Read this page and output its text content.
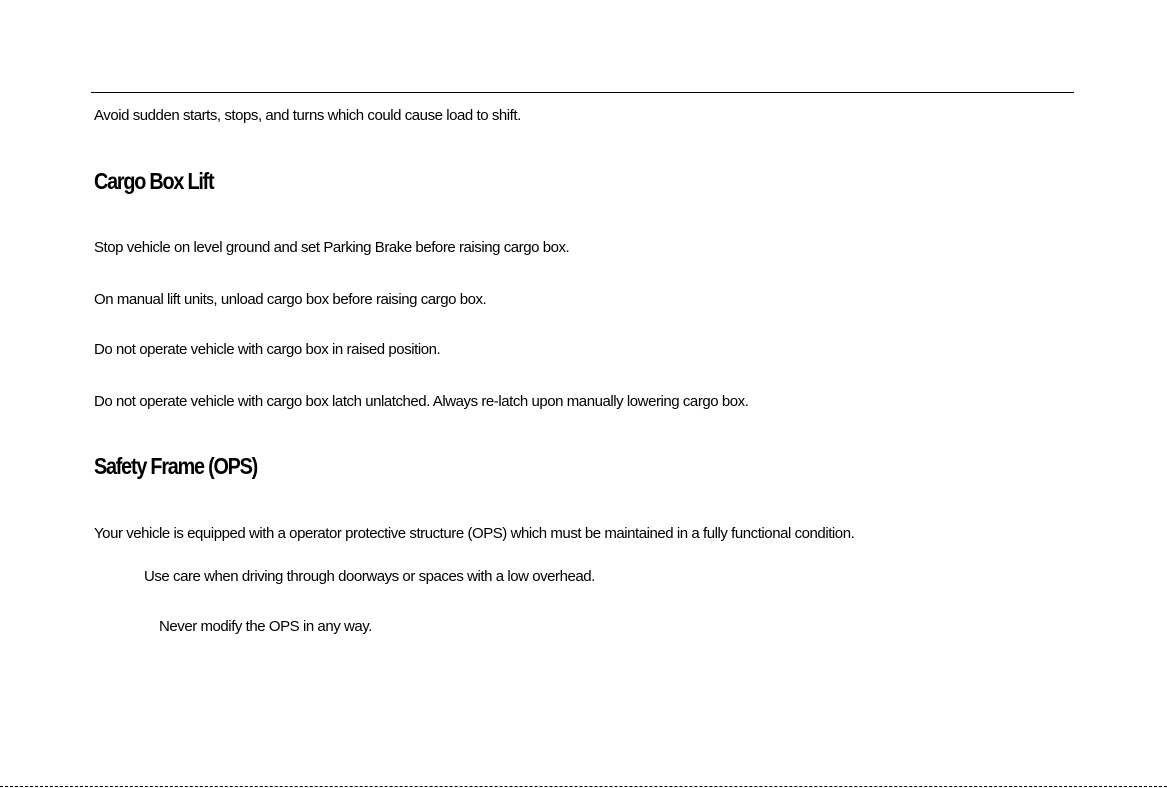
Avoid sudden starts, stops, and turns which could cause load to shift.

Cargo Box Lift

Stop vehicle on level ground and set Parking Brake before raising cargo box.

On manual lift units, unload cargo box before raising cargo box.

Do not operate vehicle with cargo box in raised position.

Do not operate vehicle with cargo box latch unlatched. Always re-latch upon manually lowering cargo box.

Safety Frame (OPS)

Your vehicle is equipped with a operator protective structure (OPS) which must be maintained in a fully functional condition.

Use care when driving through doorways or spaces with a low overhead.

Never modify the OPS in any way.
